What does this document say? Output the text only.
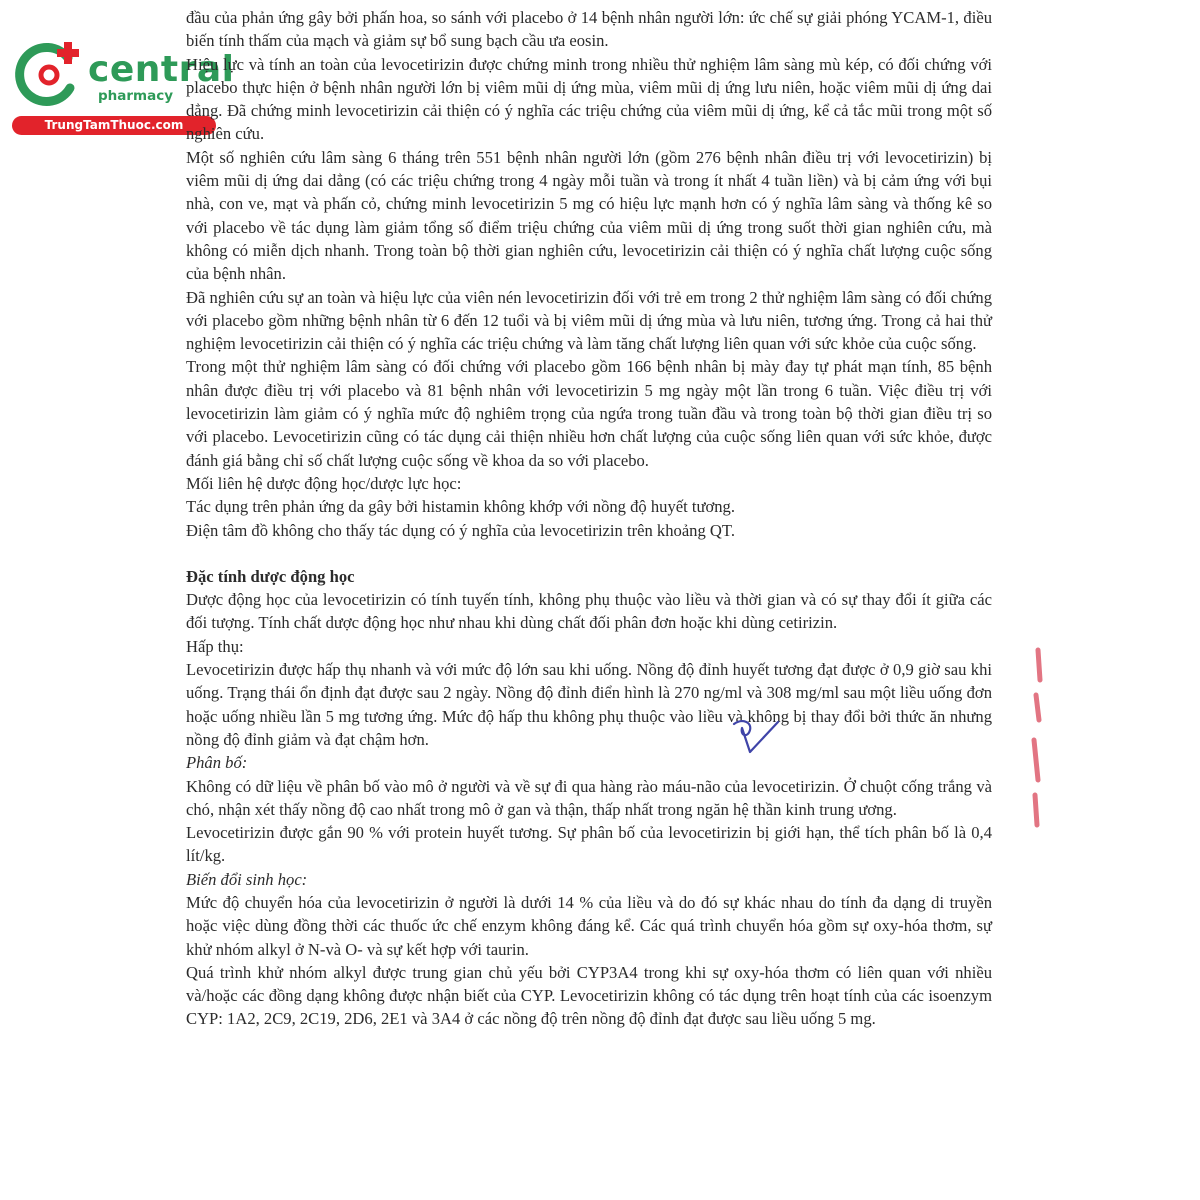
central
pharmacy
TrungTamThuoc.com

đầu của phản ứng gây bởi phấn hoa, so sánh với placebo ở 14 bệnh nhân người lớn: ức chế sự giải phóng YCAM-1, điều biến tính thấm của mạch và giảm sự bổ sung bạch cầu ưa eosin.

Hiệu lực và tính an toàn của levocetirizin được chứng minh trong nhiều thử nghiệm lâm sàng mù kép, có đối chứng với placebo thực hiện ở bệnh nhân người lớn bị viêm mũi dị ứng mùa, viêm mũi dị ứng lưu niên, hoặc viêm mũi dị ứng dai dẳng. Đã chứng minh levocetirizin cải thiện có ý nghĩa các triệu chứng của viêm mũi dị ứng, kể cả tắc mũi trong một số nghiên cứu.

Một số nghiên cứu lâm sàng 6 tháng trên 551 bệnh nhân người lớn (gồm 276 bệnh nhân điều trị với levocetirizin) bị viêm mũi dị ứng dai dẳng (có các triệu chứng trong 4 ngày mỗi tuần và trong ít nhất 4 tuần liền) và bị cảm ứng với bụi nhà, con ve, mạt và phấn cỏ, chứng minh levocetirizin 5 mg có hiệu lực mạnh hơn có ý nghĩa lâm sàng và thống kê so với placebo về tác dụng làm giảm tổng số điểm triệu chứng của viêm mũi dị ứng trong suốt thời gian nghiên cứu, mà không có miễn dịch nhanh. Trong toàn bộ thời gian nghiên cứu, levocetirizin cải thiện có ý nghĩa chất lượng cuộc sống của bệnh nhân.

Đã nghiên cứu sự an toàn và hiệu lực của viên nén levocetirizin đối với trẻ em trong 2 thử nghiệm lâm sàng có đối chứng với placebo gồm những bệnh nhân từ 6 đến 12 tuổi và bị viêm mũi dị ứng mùa và lưu niên, tương ứng. Trong cả hai thử nghiệm levocetirizin cải thiện có ý nghĩa các triệu chứng và làm tăng chất lượng liên quan với sức khỏe của cuộc sống.

Trong một thử nghiệm lâm sàng có đối chứng với placebo gồm 166 bệnh nhân bị mày đay tự phát mạn tính, 85 bệnh nhân được điều trị với placebo và 81 bệnh nhân với levocetirizin 5 mg ngày một lần trong 6 tuần. Việc điều trị với levocetirizin làm giảm có ý nghĩa mức độ nghiêm trọng của ngứa trong tuần đầu và trong toàn bộ thời gian điều trị so với placebo. Levocetirizin cũng có tác dụng cải thiện nhiều hơn chất lượng của cuộc sống liên quan với sức khỏe, được đánh giá bằng chỉ số chất lượng cuộc sống về khoa da so với placebo.

Mối liên hệ dược động học/dược lực học:

Tác dụng trên phản ứng da gây bởi histamin không khớp với nồng độ huyết tương.

Điện tâm đồ không cho thấy tác dụng có ý nghĩa của levocetirizin trên khoảng QT.

Đặc tính dược động học

Dược động học của levocetirizin có tính tuyến tính, không phụ thuộc vào liều và thời gian và có sự thay đổi ít giữa các đối tượng. Tính chất dược động học như nhau khi dùng chất đối phân đơn hoặc khi dùng cetirizin.

Hấp thụ:

Levocetirizin được hấp thụ nhanh và với mức độ lớn sau khi uống. Nồng độ đỉnh huyết tương đạt được ở 0,9 giờ sau khi uống. Trạng thái ổn định đạt được sau 2 ngày. Nồng độ đỉnh điển hình là 270 ng/ml và 308 mg/ml sau một liều uống đơn hoặc uống nhiều lần 5 mg tương ứng. Mức độ hấp thu không phụ thuộc vào liều và không bị thay đổi bởi thức ăn nhưng nồng độ đỉnh giảm và đạt chậm hơn.

Phân bố:

Không có dữ liệu về phân bố vào mô ở người và về sự đi qua hàng rào máu-não của levocetirizin. Ở chuột cống trắng và chó, nhận xét thấy nồng độ cao nhất trong mô ở gan và thận, thấp nhất trong ngăn hệ thần kinh trung ương.

Levocetirizin được gắn 90 % với protein huyết tương. Sự phân bố của levocetirizin bị giới hạn, thể tích phân bố là 0,4 lít/kg.

Biến đổi sinh học:

Mức độ chuyển hóa của levocetirizin ở người là dưới 14 % của liều và do đó sự khác nhau do tính đa dạng di truyền hoặc việc dùng đồng thời các thuốc ức chế enzym không đáng kể. Các quá trình chuyển hóa gồm sự oxy-hóa thơm, sự khử nhóm alkyl ở N-và O- và sự kết hợp với taurin.

Quá trình khử nhóm alkyl được trung gian chủ yếu bởi CYP3A4 trong khi sự oxy-hóa thơm có liên quan với nhiều và/hoặc các đồng dạng không được nhận biết của CYP. Levocetirizin không có tác dụng trên hoạt tính của các isoenzym CYP: 1A2, 2C9, 2C19, 2D6, 2E1 và 3A4 ở các nồng độ trên nồng độ đỉnh đạt được sau liều uống 5 mg.
